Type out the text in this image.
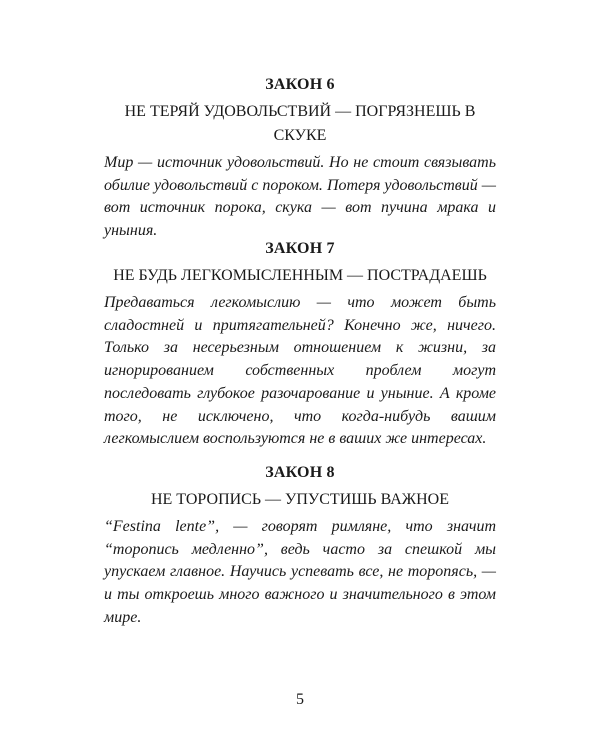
ЗАКОН 6
НЕ ТЕРЯЙ УДОВОЛЬСТВИЙ — ПОГРЯЗНЕШЬ В
СКУКЕ

Мир — источник удовольствий. Но не стоит связывать обилие удовольствий с пороком. Потеря удовольствий — вот источник порока, скука — вот пучина мрака и уныния.

ЗАКОН 7
НЕ БУДЬ ЛЕГКОМЫСЛЕННЫМ — ПОСТРАДАЕШЬ

Предаваться легкомыслию — что может быть сладостней и притягательней? Конечно же, ничего. Только за несерьезным отношением к жизни, за игнорированием собственных проблем могут последовать глубокое разочарование и уныние. А кроме того, не исключено, что когда-нибудь вашим легкомыслием воспользуются не в ваших же интересах.

ЗАКОН 8
НЕ ТОРОПИСЬ — УПУСТИШЬ ВАЖНОЕ

“Festina lente”, — говорят римляне, что значит “торопись медленно”, ведь часто за спешкой мы упускаем главное. Научись успевать все, не торопясь, — и ты откроешь много важного и значительного в этом мире.

5
